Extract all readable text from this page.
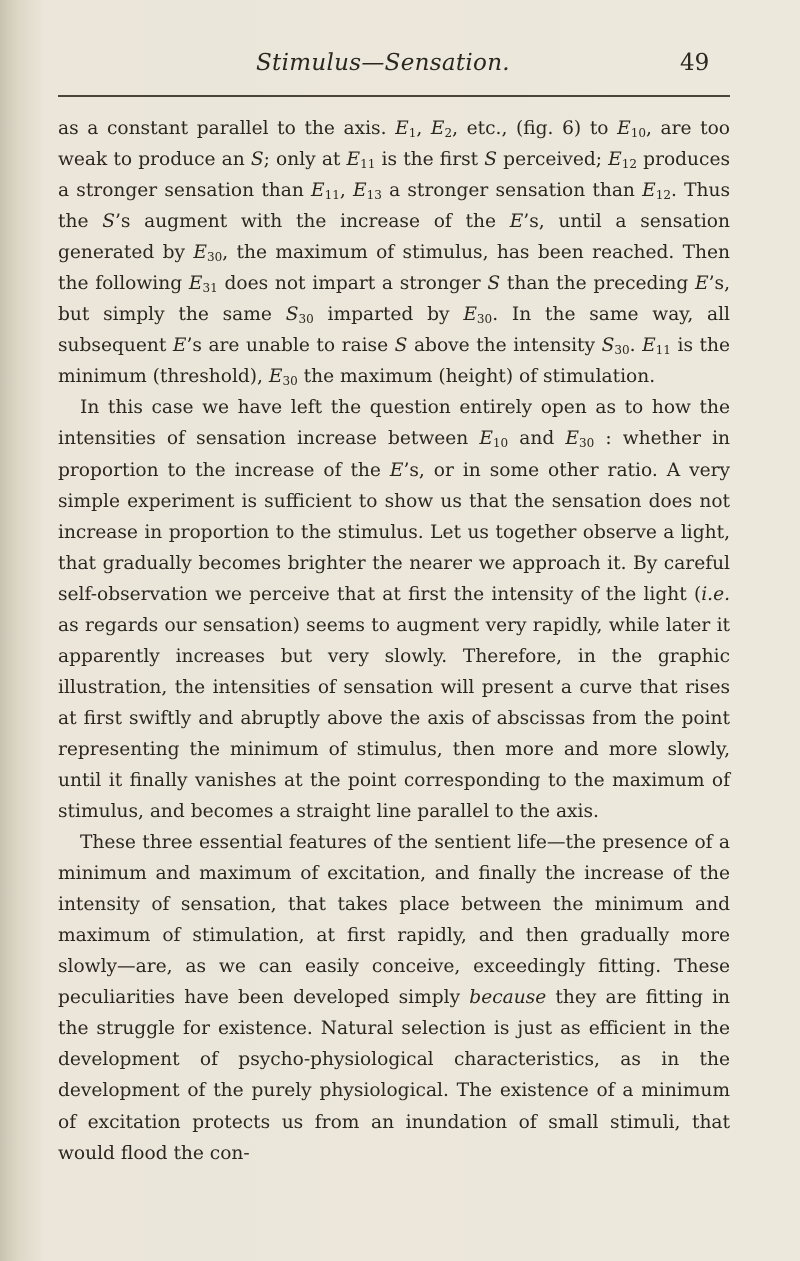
Stimulus—Sensation.	49

as a constant parallel to the axis. $E_1$, $E_2$, etc., (fig. 6) to $E_{10}$, are too weak to produce an S; only at $E_{11}$ is the first S perceived; $E_{12}$ produces a stronger sensation than $E_{11}$, $E_{13}$ a stronger sensation than $E_{12}$. Thus the S’s augment with the increase of the E’s, until a sensation generated by $E_{30}$, the maximum of stimulus, has been reached. Then the following $E_{31}$ does not impart a stronger S than the preceding E’s, but simply the same $S_{30}$ imparted by $E_{30}$. In the same way, all subsequent E’s are unable to raise S above the intensity $S_{30}$. $E_{11}$ is the minimum (threshold), $E_{30}$ the maximum (height) of stimulation.

In this case we have left the question entirely open as to how the intensities of sensation increase between $E_{10}$ and $E_{30}$ : whether in proportion to the increase of the E’s, or in some other ratio. A very simple experiment is sufficient to show us that the sensation does not increase in proportion to the stimulus. Let us together observe a light, that gradually becomes brighter the nearer we approach it. By careful self-observation we perceive that at first the intensity of the light (i.e. as regards our sensation) seems to augment very rapidly, while later it apparently increases but very slowly. Therefore, in the graphic illustration, the intensities of sensation will present a curve that rises at first swiftly and abruptly above the axis of abscissas from the point representing the minimum of stimulus, then more and more slowly, until it finally vanishes at the point corresponding to the maximum of stimulus, and becomes a straight line parallel to the axis.

These three essential features of the sentient life—the presence of a minimum and maximum of excitation, and finally the increase of the intensity of sensation, that takes place between the minimum and maximum of stimulation, at first rapidly, and then gradually more slowly—are, as we can easily conceive, exceedingly fitting. These peculiarities have been developed simply because they are fitting in the struggle for existence. Natural selection is just as efficient in the development of psycho-physiological characteristics, as in the development of the purely physiological. The existence of a minimum of excitation protects us from an inundation of small stimuli, that would flood the con-
